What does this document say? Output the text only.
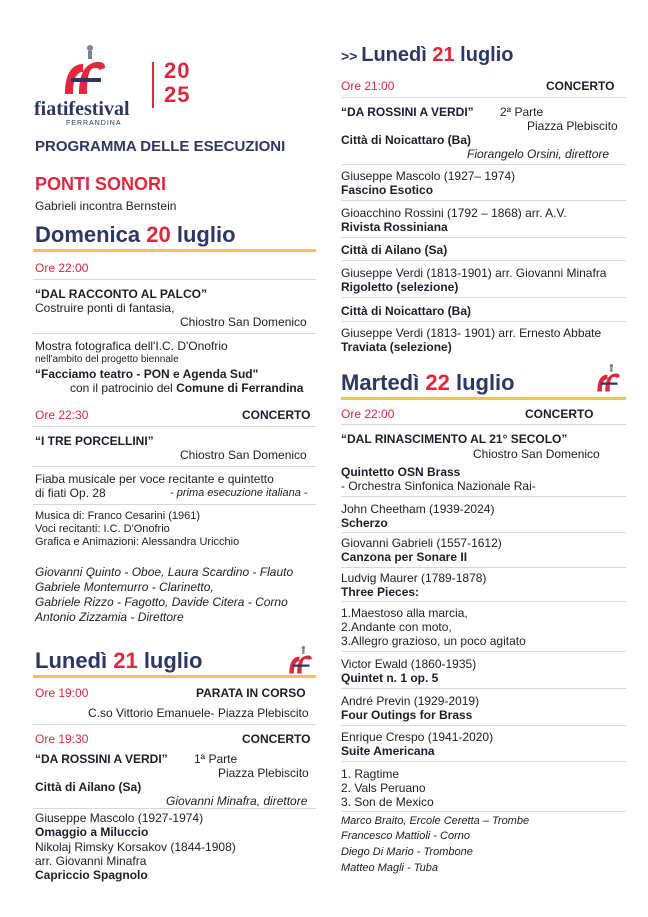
fiatifestival
FERRANDINA
20
25
PROGRAMMA DELLE ESECUZIONI
PONTI SONORI
Gabrieli incontra Bernstein
Domenica 20 luglio
Ore 22:00
“DAL RACCONTO AL PALCO”
Costruire ponti di fantasia,
Chiostro San Domenico
Mostra fotografica dell'I.C. D'Onofrio
nell'ambito del progetto biennale
“Facciamo teatro - PON e Agenda Sud"
con il patrocinio del Comune di Ferrandina
Ore 22:30	CONCERTO
“I TRE PORCELLINI”
Chiostro San Domenico
Fiaba musicale per voce recitante e quintetto
di fiati Op. 28	- prima esecuzione italiana -
Musica di: Franco Cesarini (1961)
Voci recitanti: I.C. D'Onofrio
Grafica e Animazioni: Alessandra Uricchio
Giovanni Quinto - Oboe, Laura Scardino - Flauto
Gabriele Montemurro - Clarinetto,
Gabriele Rizzo - Fagotto, Davide Citera - Corno
Antonio Zizzamia - Direttore
Lunedì 21 luglio
Ore 19:00	PARATA IN CORSO
C.so Vittorio Emanuele- Piazza Plebiscito
Ore 19:30	CONCERTO
“DA ROSSINI A VERDI” 1ª Parte
Piazza Plebiscito
Città di Ailano (Sa)
Giovanni Minafra, direttore
Giuseppe Mascolo (1927-1974)
Omaggio a Miluccio
Nikolaj Rimsky Korsakov (1844-1908)
arr. Giovanni Minafra
Capriccio Spagnolo
>> Lunedì 21 luglio
Ore 21:00	CONCERTO
“DA ROSSINI A VERDI” 2ª Parte
Piazza Plebiscito
Città di Noicattaro (Ba)
Fiorangelo Orsini, direttore
Giuseppe Mascolo (1927– 1974)
Fascino Esotico
Gioacchino Rossini (1792 – 1868) arr. A.V.
Rivista Rossiniana
Città di Ailano (Sa)
Giuseppe Verdi (1813-1901) arr. Giovanni Minafra
Rigoletto (selezione)
Città di Noicattaro (Ba)
Giuseppe Verdi (1813- 1901) arr. Ernesto Abbate
Traviata (selezione)
Martedì 22 luglio
Ore 22:00	CONCERTO
“DAL RINASCIMENTO AL 21° SECOLO”
Chiostro San Domenico
Quintetto OSN Brass
- Orchestra Sinfonica Nazionale Rai-
John Cheetham (1939-2024)
Scherzo
Giovanni Gabrieli (1557-1612)
Canzona per Sonare II
Ludvig Maurer (1789-1878)
Three Pieces:
1.Maestoso alla marcia,
2.Andante con moto,
3.Allegro grazioso, un poco agitato
Victor Ewald (1860-1935)
Quintet n. 1 op. 5
André Previn (1929-2019)
Four Outings for Brass
Enrique Crespo (1941-2020)
Suite Americana
1. Ragtime
2. Vals Peruano
3. Son de Mexico
Marco Braito, Ercole Ceretta – Trombe
Francesco Mattioli - Corno
Diego Di Mario - Trombone
Matteo Magli - Tuba
